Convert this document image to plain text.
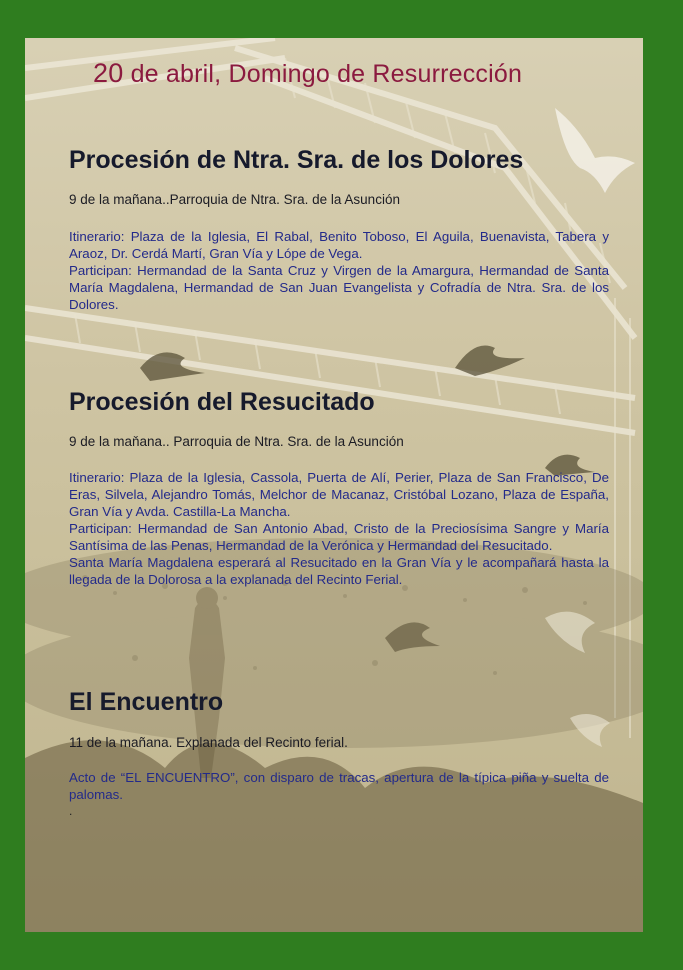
20 de abril, Domingo de Resurrección
Procesión de Ntra. Sra. de los Dolores
9 de la mañana..Parroquia de Ntra. Sra. de la Asunción

Itinerario: Plaza de la Iglesia, El Rabal, Benito Toboso, El Aguila, Buenavista, Tabera y Araoz, Dr. Cerdá Martí, Gran Vía y Lópe de Vega.

Participan: Hermandad de la Santa Cruz y Virgen de la Amargura, Hermandad de Santa María Magdalena, Hermandad de San Juan Evangelista y Cofradía de Ntra. Sra. de los Dolores.

Procesión del Resucitado
9 de la maňana.. Parroquia de Ntra. Sra. de la Asunción

Itinerario: Plaza de la Iglesia, Cassola, Puerta de Alí, Perier, Plaza de San Francisco, De Eras, Silvela, Alejandro Tomás, Melchor de Macanaz, Cristóbal Lozano, Plaza de España, Gran Vía y Avda. Castilla-La Mancha.

Participan: Hermandad de San Antonio Abad, Cristo de la Preciosísima Sangre y María Santísima de las Penas, Hermandad de la Verónica y Hermandad del Resucitado.

Santa María Magdalena esperará al Resucitado en la Gran Vía y le acompañará hasta la llegada de la Dolorosa a la explanada del Recinto Ferial.

El Encuentro
11 de la mañana. Explanada del Recinto ferial.

Acto de “EL ENCUENTRO”, con disparo de tracas, apertura de la típica piña y suelta de palomas.

.
